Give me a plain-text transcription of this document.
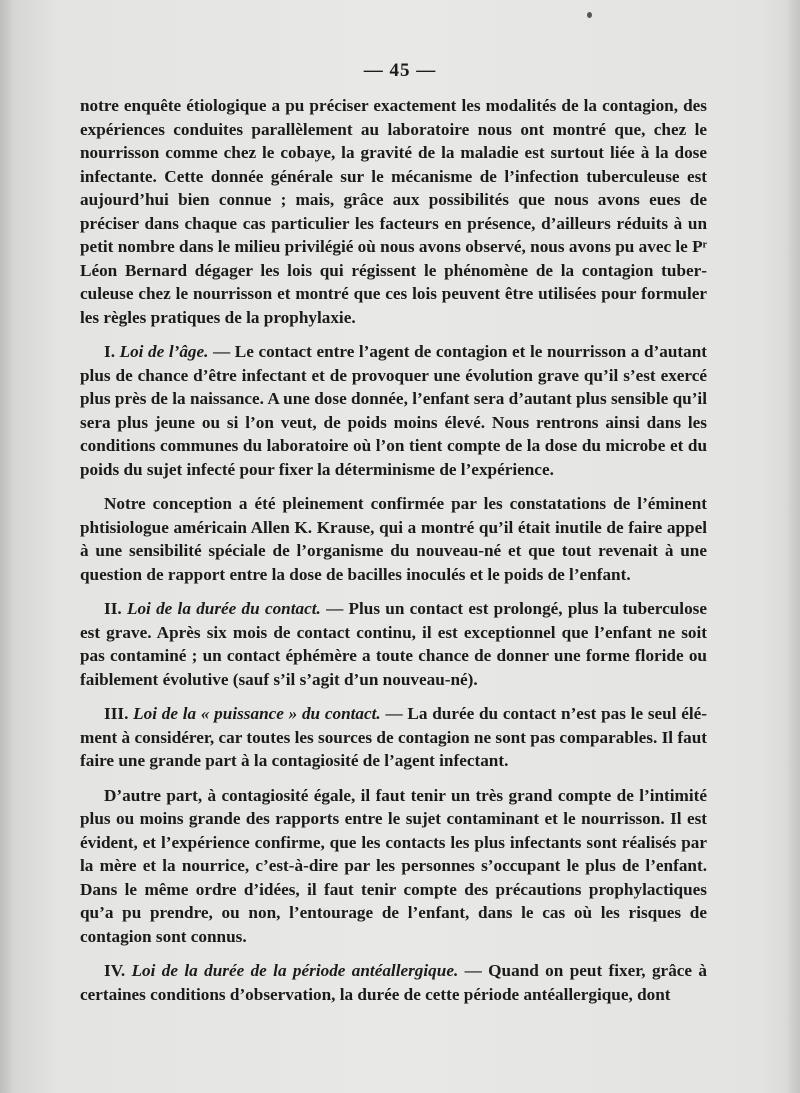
— 45 —

notre enquête étiologique a pu préciser exactement les modalités de la contagion, des expériences conduites parallèlement au laboratoire nous ont montré que, chez le nourrisson comme chez le cobaye, la gravité de la maladie est surtout liée à la dose infectante. Cette donnée générale sur le mécanisme de l’infection tuberculeuse est aujourd’hui bien connue ; mais, grâce aux possibilités que nous avons eues de préciser dans chaque cas particulier les facteurs en présence, d’ailleurs réduits à un petit nombre dans le milieu privilégié où nous avons observé, nous avons pu avec le Pʳ Léon Bernard dégager les lois qui régissent le phénomène de la contagion tuberculeuse chez le nourrisson et montré que ces lois peuvent être utilisées pour formuler les règles pratiques de la prophylaxie.

I. Loi de l’âge. — Le contact entre l’agent de contagion et le nourrisson a d’autant plus de chance d’être infectant et de provoquer une évolution grave qu’il s’est exercé plus près de la naissance. A une dose donnée, l’enfant sera d’autant plus sensible qu’il sera plus jeune ou si l’on veut, de poids moins élevé. Nous rentrons ainsi dans les conditions communes du laboratoire où l’on tient compte de la dose du microbe et du poids du sujet infecté pour fixer la déterminisme de l’expérience.

Notre conception a été pleinement confirmée par les constatations de l’éminent phtisiologue américain Allen K. Krause, qui a montré qu’il était inutile de faire appel à une sensibilité spéciale de l’organisme du nouveau-né et que tout revenait à une question de rapport entre la dose de bacilles inoculés et le poids de l’enfant.

II. Loi de la durée du contact. — Plus un contact est prolongé, plus la tuberculose est grave. Après six mois de contact continu, il est exceptionnel que l’enfant ne soit pas contaminé ; un contact éphémère a toute chance de donner une forme floride ou faiblement évolutive (sauf s’il s’agit d’un nouveau-né).

III. Loi de la « puissance » du contact. — La durée du contact n’est pas le seul élément à considérer, car toutes les sources de contagion ne sont pas comparables. Il faut faire une grande part à la contagiosité de l’agent infectant.

D’autre part, à contagiosité égale, il faut tenir un très grand compte de l’intimité plus ou moins grande des rapports entre le sujet contaminant et le nourrisson. Il est évident, et l’expérience confirme, que les contacts les plus infectants sont réalisés par la mère et la nourrice, c’est-à-dire par les personnes s’occupant le plus de l’enfant. Dans le même ordre d’idées, il faut tenir compte des précautions prophylactiques qu’a pu prendre, ou non, l’entourage de l’enfant, dans le cas où les risques de contagion sont connus.

IV. Loi de la durée de la période antéallergique. — Quand on peut fixer, grâce à certaines conditions d’observation, la durée de cette période antéallergique, dont
